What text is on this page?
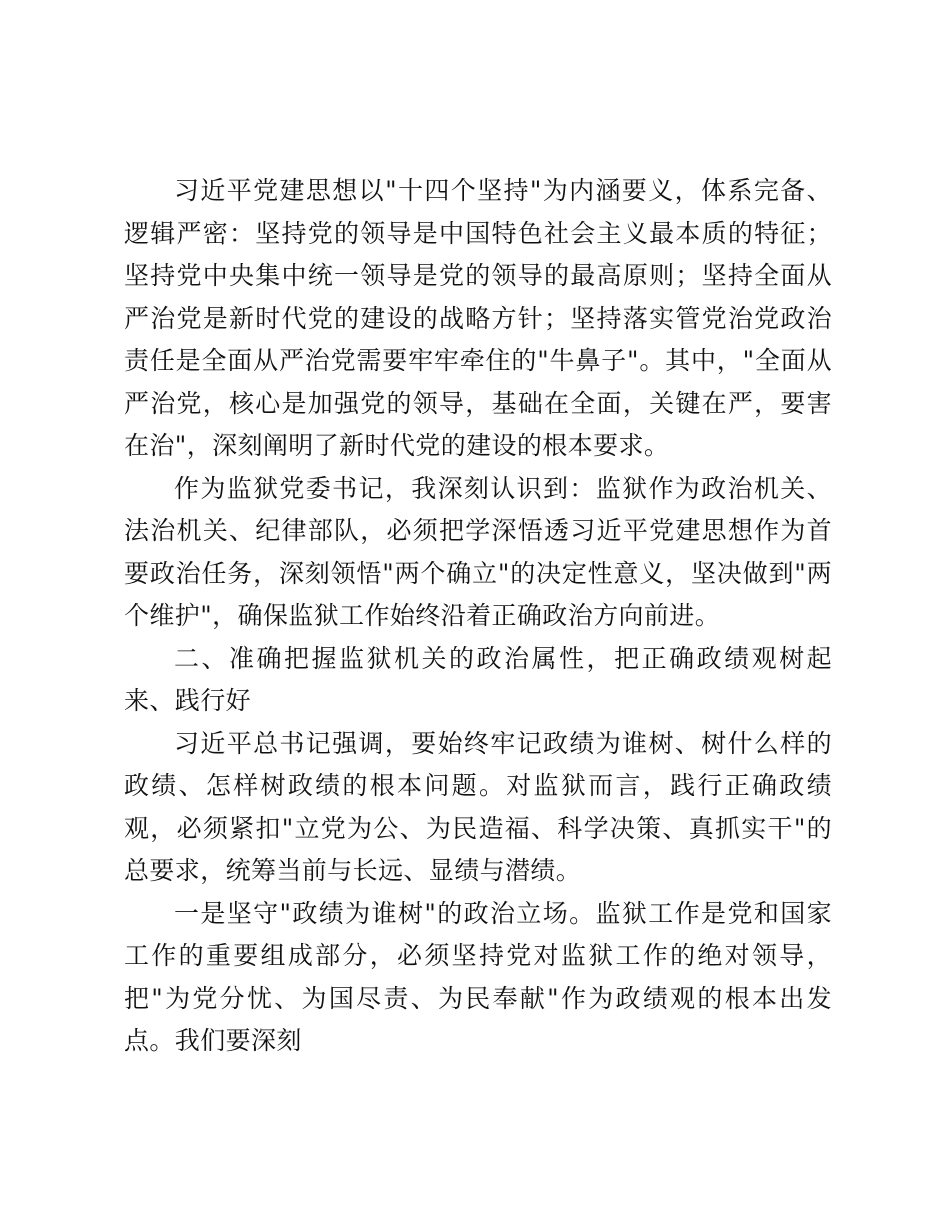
习近平党建思想以"十四个坚持"为内涵要义，体系完备、逻辑严密：坚持党的领导是中国特色社会主义最本质的特征；坚持党中央集中统一领导是党的领导的最高原则；坚持全面从严治党是新时代党的建设的战略方针；坚持落实管党治党政治责任是全面从严治党需要牢牢牵住的"牛鼻子"。其中，"全面从严治党，核心是加强党的领导，基础在全面，关键在严，要害在治"，深刻阐明了新时代党的建设的根本要求。

作为监狱党委书记，我深刻认识到：监狱作为政治机关、法治机关、纪律部队，必须把学深悟透习近平党建思想作为首要政治任务，深刻领悟"两个确立"的决定性意义，坚决做到"两个维护"，确保监狱工作始终沿着正确政治方向前进。

二、准确把握监狱机关的政治属性，把正确政绩观树起来、践行好

习近平总书记强调，要始终牢记政绩为谁树、树什么样的政绩、怎样树政绩的根本问题。对监狱而言，践行正确政绩观，必须紧扣"立党为公、为民造福、科学决策、真抓实干"的总要求，统筹当前与长远、显绩与潜绩。

一是坚守"政绩为谁树"的政治立场。监狱工作是党和国家工作的重要组成部分，必须坚持党对监狱工作的绝对领导，把"为党分忧、为国尽责、为民奉献"作为政绩观的根本出发点。我们要深刻
